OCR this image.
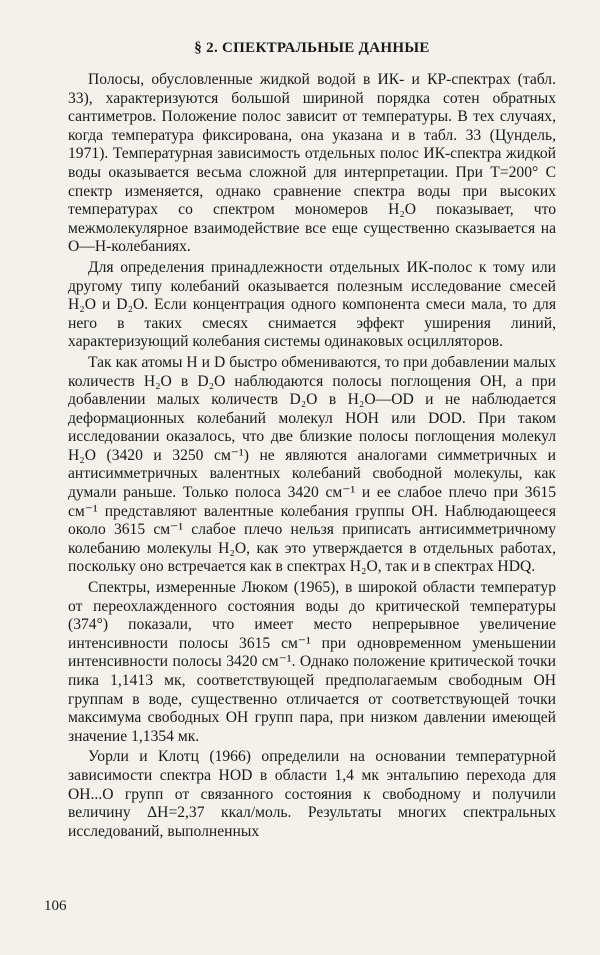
§ 2. СПЕКТРАЛЬНЫЕ ДАННЫЕ

Полосы, обусловленные жидкой водой в ИК- и КР-спектрах (табл. 33), характеризуются большой шириной порядка сотен обратных сантиметров. Положение полос зависит от температуры. В тех случаях, когда температура фиксирована, она указана и в табл. 33 (Цундель, 1971). Температурная зависимость отдельных полос ИК-спектра жидкой воды оказывается весьма сложной для интерпретации. При T=200° С спектр изменяется, однако сравнение спектра воды при высоких температурах со спектром мономеров H₂O показывает, что межмолекулярное взаимодействие все еще существенно сказывается на О—Н-колебаниях.

Для определения принадлежности отдельных ИК-полос к тому или другому типу колебаний оказывается полезным исследование смесей H₂O и D₂O. Если концентрация одного компонента смеси мала, то для него в таких смесях снимается эффект уширения линий, характеризующий колебания системы одинаковых осцилляторов.

Так как атомы H и D быстро обмениваются, то при добавлении малых количеств H₂O в D₂O наблюдаются полосы поглощения OH, а при добавлении малых количеств D₂O в H₂O—OD и не наблюдается деформационных колебаний молекул HOH или DOD. При таком исследовании оказалось, что две близкие полосы поглощения молекул H₂O (3420 и 3250 см⁻¹) не являются аналогами симметричных и антисимметричных валентных колебаний свободной молекулы, как думали раньше. Только полоса 3420 см⁻¹ и ее слабое плечо при 3615 см⁻¹ представляют валентные колебания группы OH. Наблюдающееся около 3615 см⁻¹ слабое плечо нельзя приписать антисимметричному колебанию молекулы H₂O, как это утверждается в отдельных работах, поскольку оно встречается как в спектрах H₂O, так и в спектрах HDQ.

Спектры, измеренные Люком (1965), в широкой области температур от переохлажденного состояния воды до критической температуры (374°) показали, что имеет место непрерывное увеличение интенсивности полосы 3615 см⁻¹ при одновременном уменьшении интенсивности полосы 3420 см⁻¹. Однако положение критической точки пика 1,1413 мк, соответствующей предполагаемым свободным OH группам в воде, существенно отличается от соответствующей точки максимума свободных OH групп пара, при низком давлении имеющей значение 1,1354 мк.

Уорли и Клотц (1966) определили на основании температурной зависимости спектра HOD в области 1,4 мк энтальпию перехода для OH...O групп от связанного состояния к свободному и получили величину ΔH=2,37 ккал/моль. Результаты многих спектральных исследований, выполненных

106
